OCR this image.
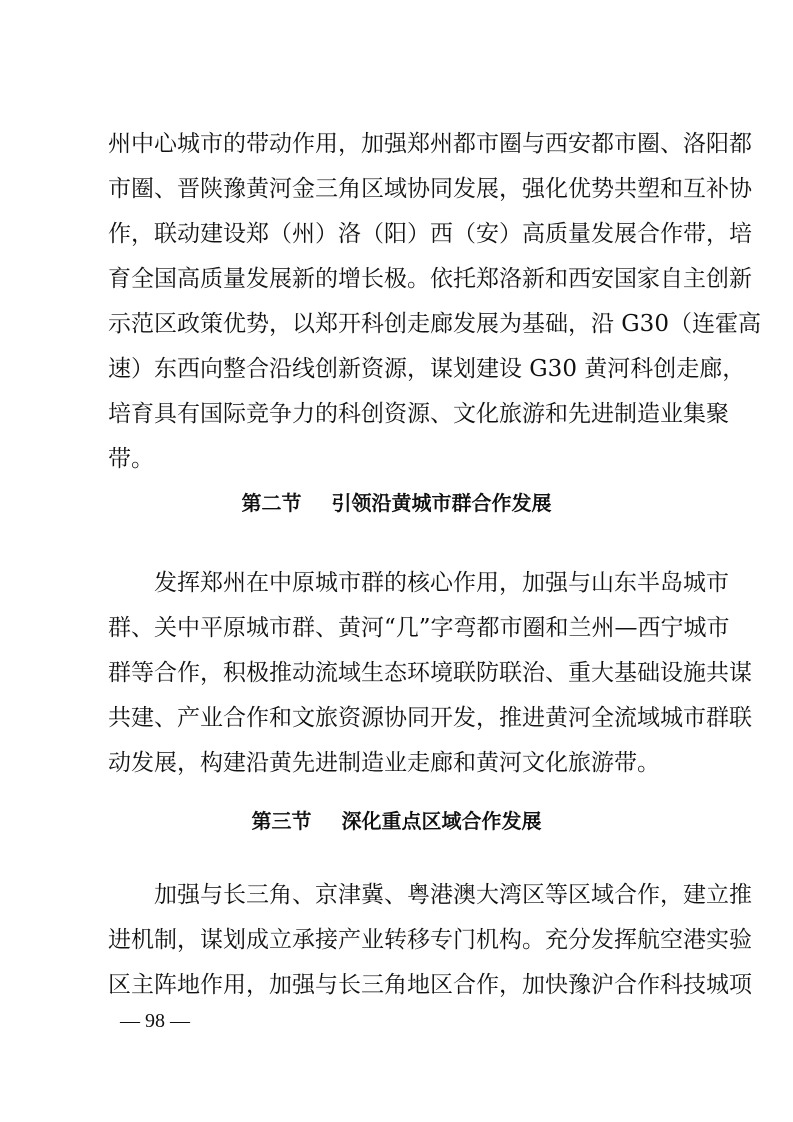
州中心城市的带动作用，加强郑州都市圈与西安都市圈、洛阳都
市圈、晋陕豫黄河金三角区域协同发展，强化优势共塑和互补协
作，联动建设郑（州）洛（阳）西（安）高质量发展合作带，培
育全国高质量发展新的增长极。依托郑洛新和西安国家自主创新
示范区政策优势，以郑开科创走廊发展为基础，沿 G30（连霍高
速）东西向整合沿线创新资源，谋划建设 G30 黄河科创走廊，
培育具有国际竞争力的科创资源、文化旅游和先进制造业集聚
带。
第二节 引领沿黄城市群合作发展
　　发挥郑州在中原城市群的核心作用，加强与山东半岛城市
群、关中平原城市群、黄河“几”字弯都市圈和兰州—西宁城市
群等合作，积极推动流域生态环境联防联治、重大基础设施共谋
共建、产业合作和文旅资源协同开发，推进黄河全流域城市群联
动发展，构建沿黄先进制造业走廊和黄河文化旅游带。
第三节 深化重点区域合作发展
　　加强与长三角、京津冀、粤港澳大湾区等区域合作，建立推
进机制，谋划成立承接产业转移专门机构。充分发挥航空港实验
区主阵地作用，加强与长三角地区合作，加快豫沪合作科技城项
— 98 —
